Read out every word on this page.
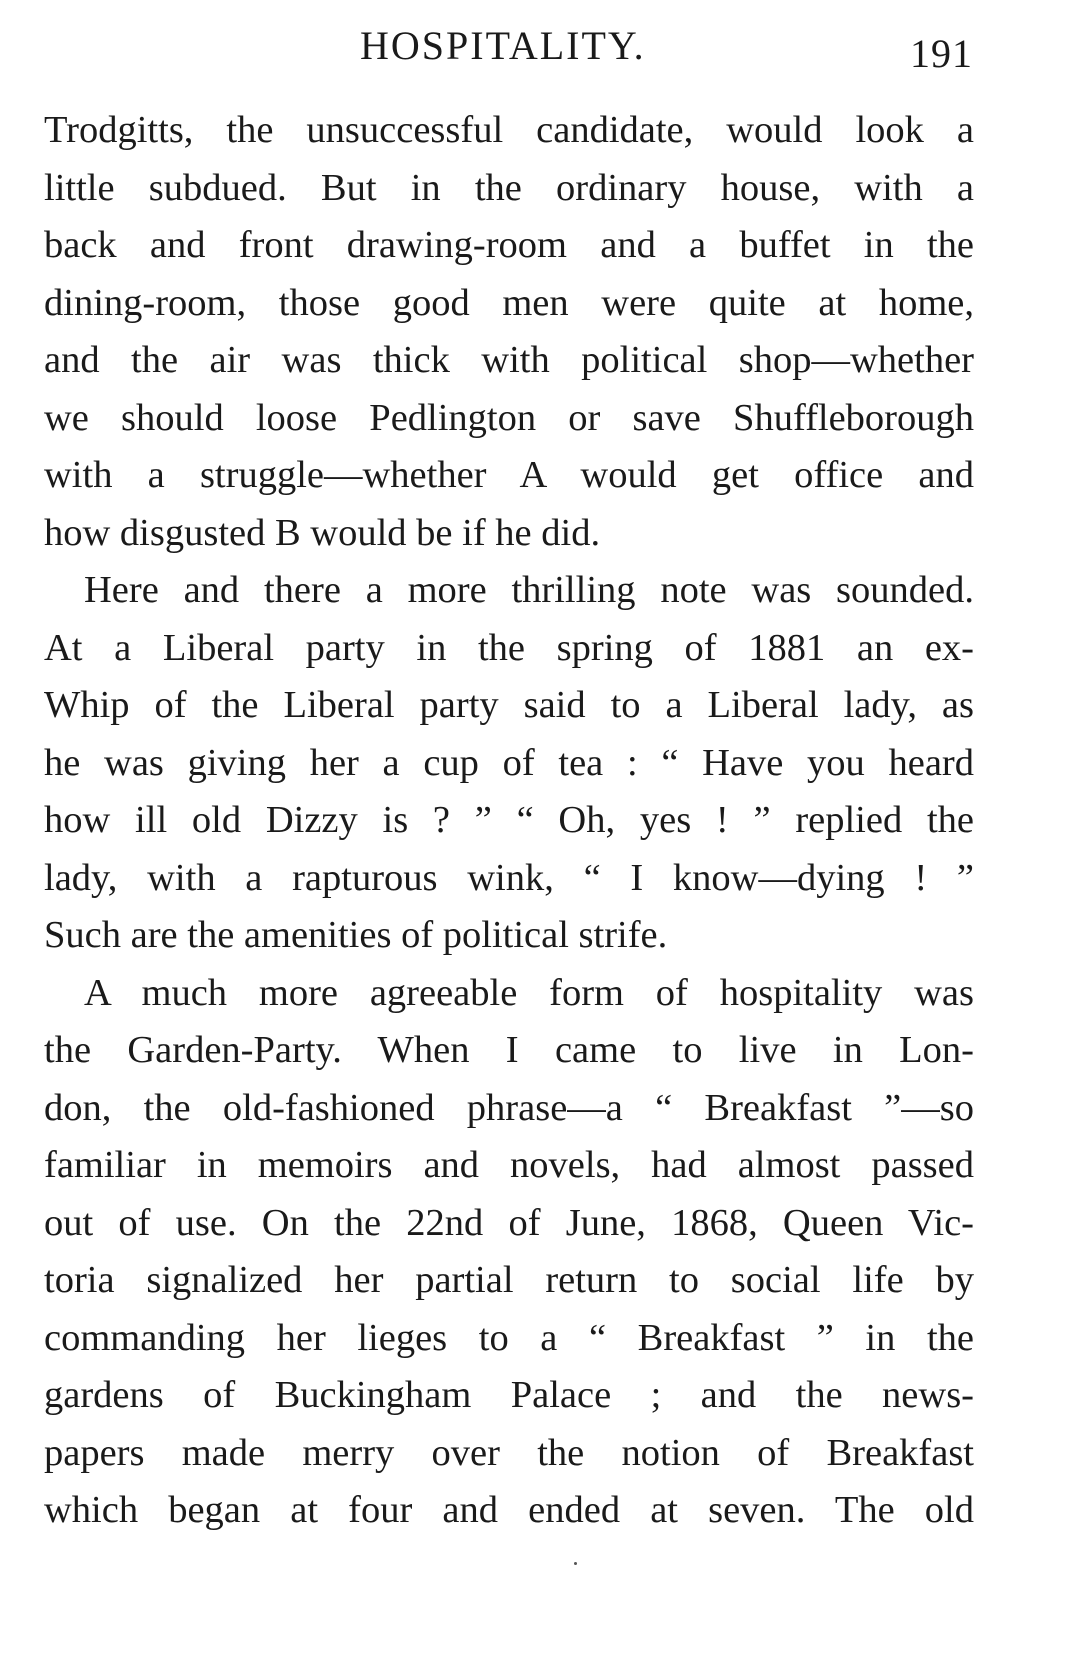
HOSPITALITY.	191
Trodgitts, the unsuccessful candidate, would look a
little subdued. But in the ordinary house, with a
back and front drawing-room and a buffet in the
dining-room, those good men were quite at home,
and the air was thick with political shop—whether
we should loose Pedlington or save Shuffleborough
with a struggle—whether A would get office and
how disgusted B would be if he did.
Here and there a more thrilling note was sounded.
At a Liberal party in the spring of 1881 an ex-
Whip of the Liberal party said to a Liberal lady, as
he was giving her a cup of tea : “ Have you heard
how ill old Dizzy is ? ” “ Oh, yes ! ” replied the
lady, with a rapturous wink, “ I know—dying ! ”
Such are the amenities of political strife.
A much more agreeable form of hospitality was
the Garden-Party. When I came to live in Lon-
don, the old-fashioned phrase—a “ Breakfast ”—so
familiar in memoirs and novels, had almost passed
out of use. On the 22nd of June, 1868, Queen Vic-
toria signalized her partial return to social life by
commanding her lieges to a “ Breakfast ” in the
gardens of Buckingham Palace ; and the news-
papers made merry over the notion of Breakfast
which began at four and ended at seven. The old
